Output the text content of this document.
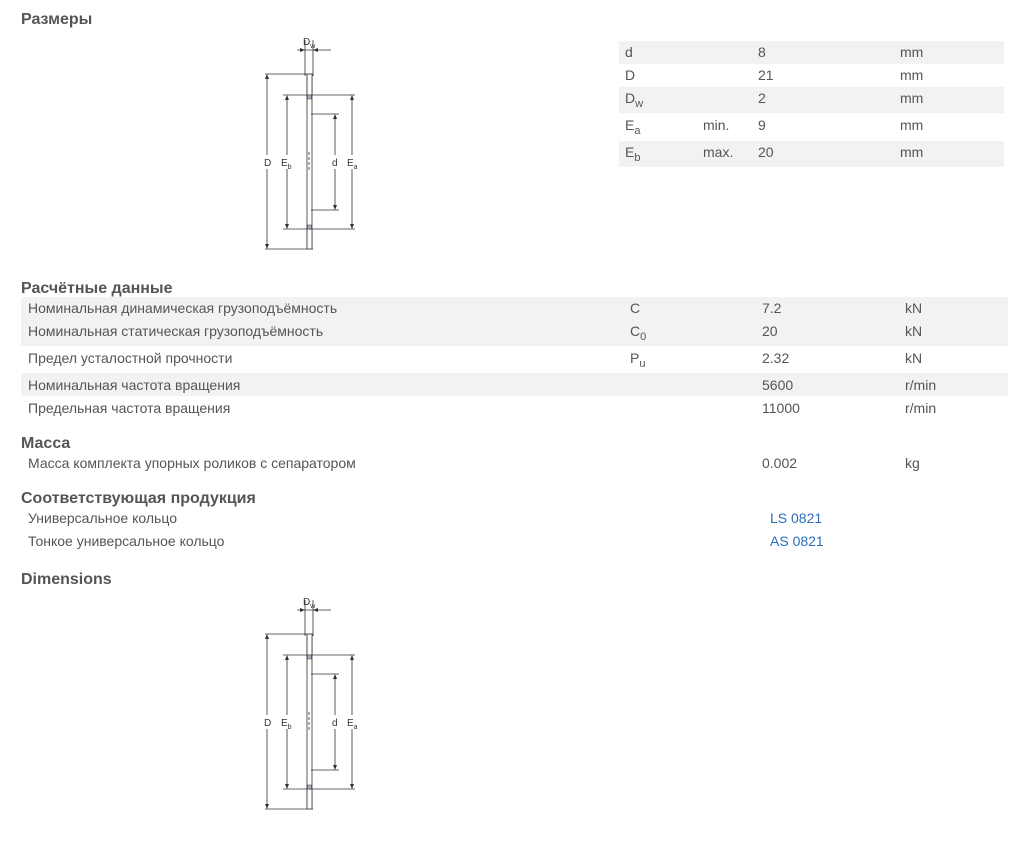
Размеры
Расчётные данные
Масса
Соответствующая продукция
Dimensions
$D_w$
D $E_b$	d $E_a$
d	8	mm
D	21	mm
$D_w$	2	mm
$E_a$	min. 9	mm
$E_b$	max. 20	mm
Номинальная динамическая грузоподъёмность	C	7.2	kN
Номинальная статическая грузоподъёмность	$C_0$	20	kN
Предел усталостной прочности	$P_u$	2.32	kN
Номинальная частота вращения	5600	r/min
Предельная частота вращения	11000	r/min
Масса комплекта упорных роликов с сепаратором	0.002	kg
Универсальное кольцо	LS 0821
Тонкое универсальное кольцо	AS 0821
$D_w$
D $E_b$	d $E_a$
